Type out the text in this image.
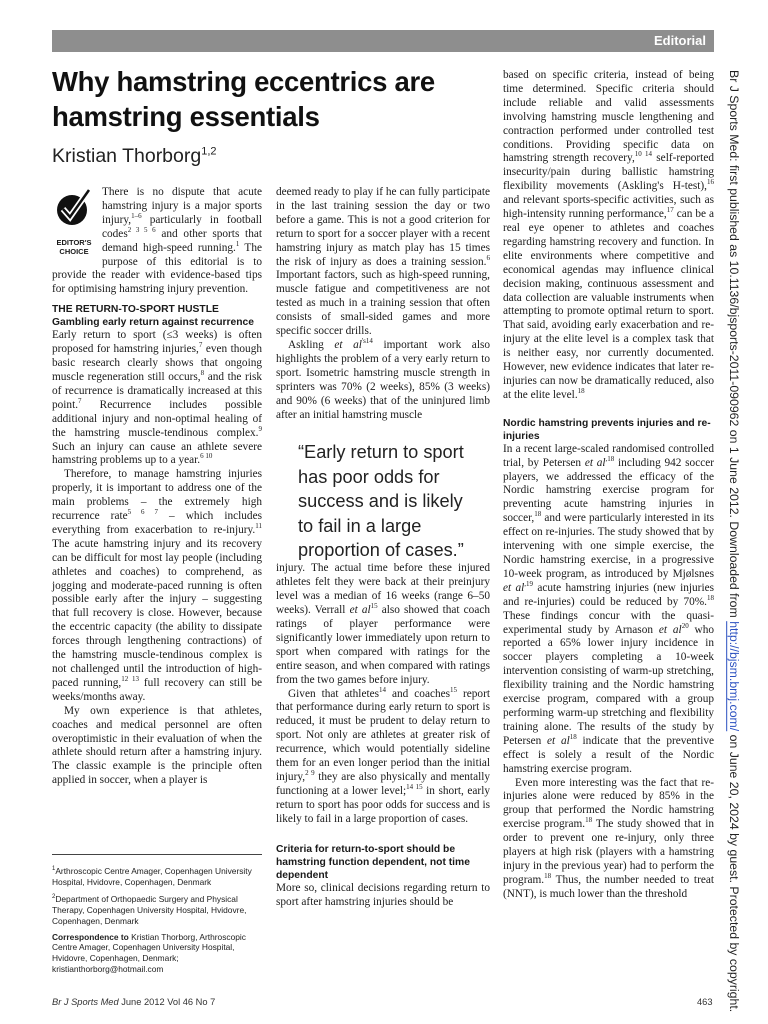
Editorial
Why hamstring eccentrics are hamstring essentials

Kristian Thorborg$^{1,2}$

EDITOR'S
CHOICE

There is no dispute that acute hamstring injury is a major sports injury,$^{1-6}$ particularly in football codes$^{2 3 5 6}$ and other sports that demand high-speed running.$^1$ The purpose of this editorial is to provide the reader with evidence-based tips for optimising hamstring injury prevention.

THE RETURN-TO-SPORT HUSTLE
Gambling early return against recurrence

Early return to sport (≤3 weeks) is often proposed for hamstring injuries,$^7$ even though basic research clearly shows that ongoing muscle regeneration still occurs,$^8$ and the risk of recurrence is dramatically increased at this point.$^7$ Recurrence includes possible additional injury and non-optimal healing of the hamstring muscle-tendinous complex.$^9$ Such an injury can cause an athlete severe hamstring problems up to a year.$^{6 10}$

Therefore, to manage hamstring injuries properly, it is important to address one of the main problems – the extremely high recurrence rate$^{5 6 7}$ – which includes everything from exacerbation to re-injury.$^{11}$ The acute hamstring injury and its recovery can be difficult for most lay people (including athletes and coaches) to comprehend, as jogging and moderate-paced running is often possible early after the injury – suggesting that full recovery is close. However, because the eccentric capacity (the ability to dissipate forces through lengthening contractions) of the hamstring muscle-tendinous complex is not challenged until the introduction of high-paced running,$^{12 13}$ full recovery can still be weeks/months away.

My own experience is that athletes, coaches and medical personnel are often overoptimistic in their evaluation of when the athlete should return after a hamstring injury. The classic example is the principle often applied in soccer, when a player is

deemed ready to play if he can fully participate in the last training session the day or two before a game. This is not a good criterion for return to sport for a soccer player with a recent hamstring injury as match play has 15 times the risk of injury as does a training session.$^6$ Important factors, such as high-speed running, muscle fatigue and competitiveness are not tested as much in a training session that often consists of small-sided games and more specific soccer drills.

Askling et $al^{'s14}$ important work also highlights the problem of a very early return to sport. Isometric hamstring muscle strength in sprinters was 70% (2 weeks), 85% (3 weeks) and 90% (6 weeks) that of the uninjured limb after an initial hamstring muscle

injury. The actual time before these injured athletes felt they were back at their preinjury level was a median of 16 weeks (range 6–50 weeks). Verrall et $al^{15}$ also showed that coach ratings of player performance were significantly lower immediately upon return to sport when compared with ratings for the entire season, and when compared with ratings from the two games before injury.

Given that athletes$^{14}$ and coaches$^{15}$ report that performance during early return to sport is reduced, it must be prudent to delay return to sport. Not only are athletes at greater risk of recurrence, which would potentially sideline them for an even longer period than the initial injury,$^{2 9}$ they are also physically and mentally functioning at a lower level;$^{14 15}$ in short, early return to sport has poor odds for success and is likely to fail in a large proportion of cases.

Criteria for return-to-sport should be hamstring function dependent, not time dependent

More so, clinical decisions regarding return to sport after hamstring injuries should be

“Early return to sport has poor odds for success and is likely to fail in a large proportion of cases.”

based on specific criteria, instead of being time determined. Specific criteria should include reliable and valid assessments involving hamstring muscle lengthening and contraction performed under controlled test conditions. Providing specific data on hamstring strength recovery,$^{10 14}$ self-reported insecurity/pain during ballistic hamstring flexibility movements (Askling's H-test),$^{16}$ and relevant sports-specific activities, such as high-intensity running performance,$^{17}$ can be a real eye opener to athletes and coaches regarding hamstring recovery and function. In elite environments where competitive and economical agendas may influence clinical decision making, continuous assessment and data collection are valuable instruments when attempting to promote optimal return to sport. That said, avoiding early exacerbation and re-injury at the elite level is a complex task that is neither easy, nor currently documented. However, new evidence indicates that later re-injuries can now be dramatically reduced, also at the elite level.$^{18}$

Nordic hamstring prevents injuries and re-injuries

In a recent large-scaled randomised controlled trial, by Petersen et $al^{,18}$ including 942 soccer players, we addressed the efficacy of the Nordic hamstring exercise program for preventing acute hamstring injuries in soccer,$^{18}$ and were particularly interested in its effect on re-injuries. The study showed that by intervening with one simple exercise, the Nordic hamstring exercise, in a progressive 10-week program, as introduced by Mjølsnes et $al^{,19}$ acute hamstring injuries (new injuries and re-injuries) could be reduced by 70%.$^{18}$ These findings concur with the quasi-experimental study by Arnason et $al^{20}$ who reported a 65% lower injury incidence in soccer players completing a 10-week intervention consisting of warm-up stretching, flexibility training and the Nordic hamstring exercise program, compared with a group performing warm-up stretching and flexibility training alone. The results of the study by Petersen et $al^{18}$ indicate that the preventive effect is solely a result of the Nordic hamstring exercise program.

Even more interesting was the fact that re-injuries alone were reduced by 85% in the group that performed the Nordic hamstring exercise program.$^{18}$ The study showed that in order to prevent one re-injury, only three players at high risk (players with a hamstring injury in the previous year) had to perform the program.$^{18}$ Thus, the number needed to treat (NNT), is much lower than the threshold

$^1$Arthroscopic Centre Amager, Copenhagen University Hospital, Hvidovre, Copenhagen, Denmark

$^2$Department of Orthopaedic Surgery and Physical Therapy, Copenhagen University Hospital, Hvidovre, Copenhagen, Denmark

Correspondence to Kristian Thorborg, Arthroscopic Centre Amager, Copenhagen University Hospital, Hvidovre, Copenhagen, Denmark; kristianthorborg@hotmail.com

Br J Sports Med June 2012 Vol 46 No 7	463
Br J Sports Med: first published as 10.1136/bjsports-2011-090962 on 1 June 2012. Downloaded from http://bjsm.bmj.com/ on June 20, 2024 by guest. Protected by copyright.
